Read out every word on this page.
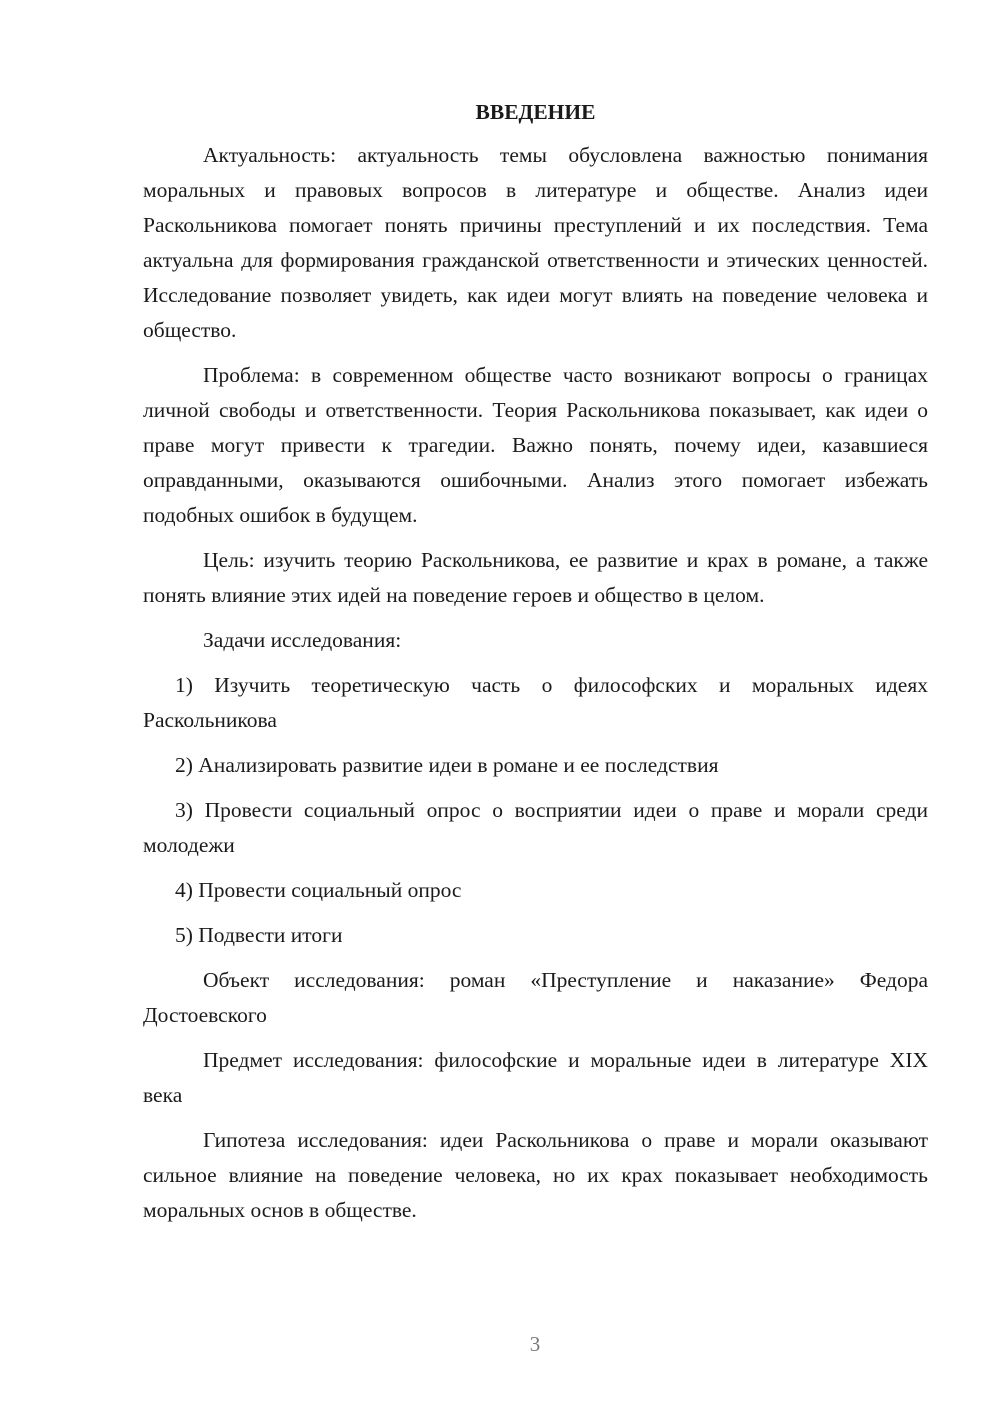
ВВЕДЕНИЕ

Актуальность: актуальность темы обусловлена важностью понимания моральных и правовых вопросов в литературе и обществе. Анализ идеи Раскольникова помогает понять причины преступлений и их последствия. Тема актуальна для формирования гражданской ответственности и этических ценностей. Исследование позволяет увидеть, как идеи могут влиять на поведение человека и общество.

Проблема: в современном обществе часто возникают вопросы о границах личной свободы и ответственности. Теория Раскольникова показывает, как идеи о праве могут привести к трагедии. Важно понять, почему идеи, казавшиеся оправданными, оказываются ошибочными. Анализ этого помогает избежать подобных ошибок в будущем.

Цель: изучить теорию Раскольникова, ее развитие и крах в романе, а также понять влияние этих идей на поведение героев и общество в целом.

Задачи исследования:

1) Изучить теоретическую часть о философских и моральных идеях Раскольникова

2) Анализировать развитие идеи в романе и ее последствия

3) Провести социальный опрос о восприятии идеи о праве и морали среди молодежи

4) Провести социальный опрос

5) Подвести итоги

Объект исследования: роман «Преступление и наказание» Федора Достоевского

Предмет исследования: философские и моральные идеи в литературе XIX века

Гипотеза исследования: идеи Раскольникова о праве и морали оказывают сильное влияние на поведение человека, но их крах показывает необходимость моральных основ в обществе.

3
